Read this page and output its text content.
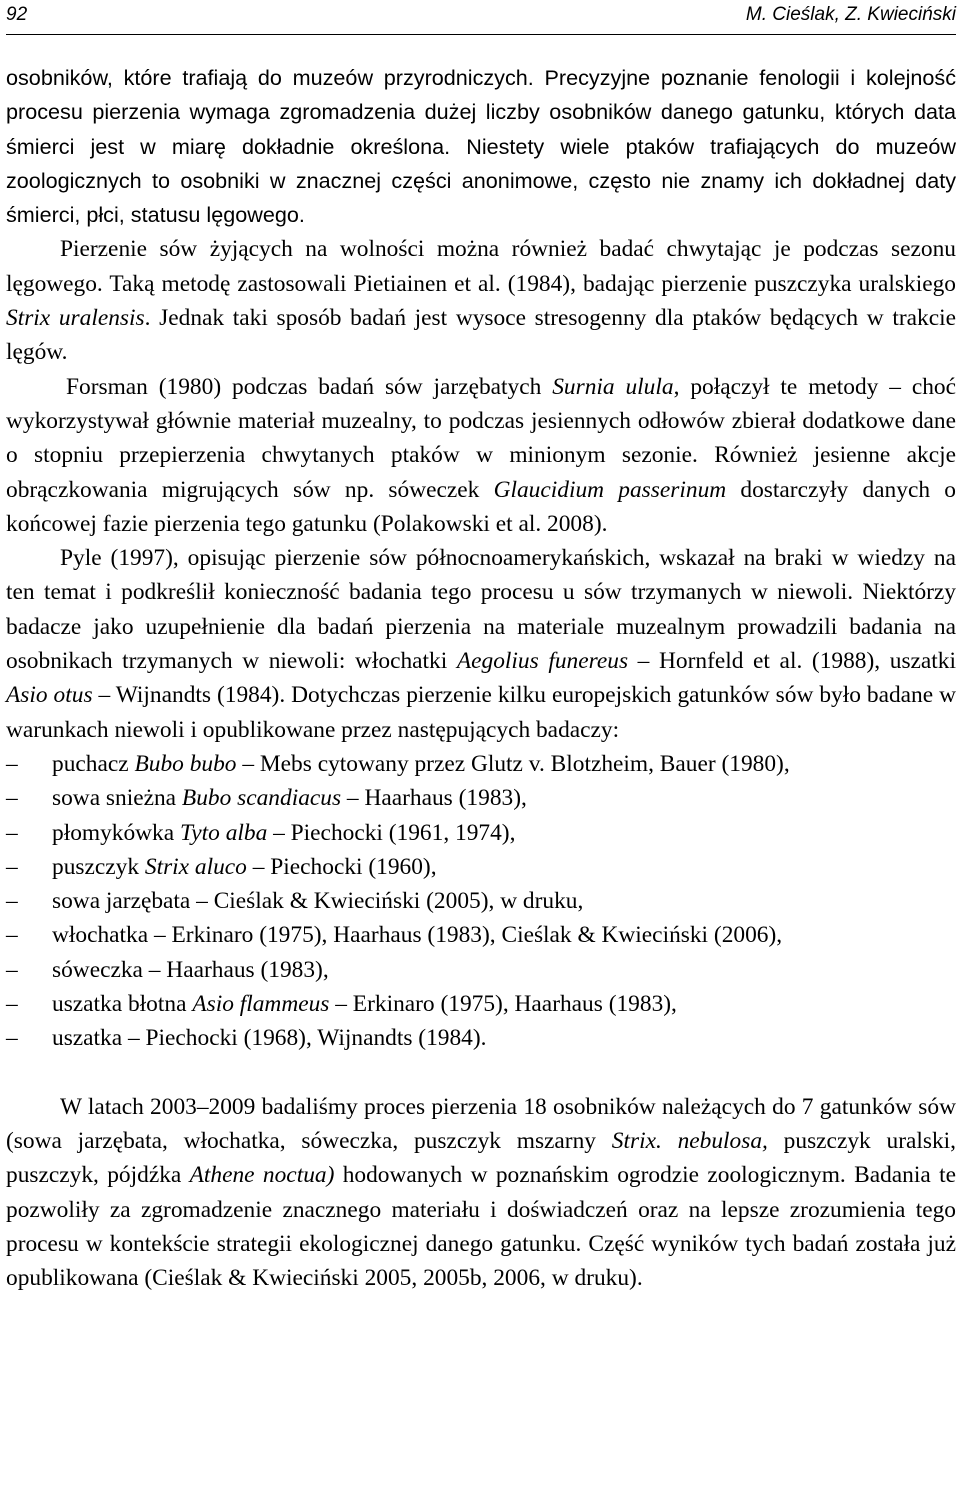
92	M. Cieślak, Z. Kwieciński

osobników, które trafiają do muzeów przyrodniczych. Precyzyjne poznanie fenologii i kolejność procesu pierzenia wymaga zgromadzenia dużej liczby osobników danego gatunku, których data śmierci jest w miarę dokładnie określona. Niestety wiele ptaków trafiających do muzeów zoologicznych to osobniki w znacznej części anonimowe, często nie znamy ich dokładnej daty śmierci, płci, statusu lęgowego.

Pierzenie sów żyjących na wolności można również badać chwytając je podczas sezonu lęgowego. Taką metodę zastosowali Pietiainen et al. (1984), badając pierzenie puszczyka uralskiego Strix uralensis. Jednak taki sposób badań jest wysoce stresogenny dla ptaków będących w trakcie lęgów.

Forsman (1980) podczas badań sów jarzębatych Surnia ulula, połączył te metody – choć wykorzystywał głównie materiał muzealny, to podczas jesiennych odłowów zbierał dodatkowe dane o stopniu przepierzenia chwytanych ptaków w minionym sezonie. Również jesienne akcje obrączkowania migrujących sów np. sóweczek Glaucidium passerinum dostarczyły danych o końcowej fazie pierzenia tego gatunku (Polakowski et al. 2008).

Pyle (1997), opisując pierzenie sów północnoamerykańskich, wskazał na braki w wiedzy na ten temat i podkreślił konieczność badania tego procesu u sów trzymanych w niewoli. Niektórzy badacze jako uzupełnienie dla badań pierzenia na materiale muzealnym prowadzili badania na osobnikach trzymanych w niewoli: włochatki Aegolius funereus – Hornfeld et al. (1988), uszatki Asio otus – Wijnandts (1984). Dotychczas pierzenie kilku europejskich gatunków sów było badane w warunkach niewoli i opublikowane przez następujących badaczy:

– puchacz Bubo bubo – Mebs cytowany przez Glutz v. Blotzheim, Bauer (1980),
– sowa snieżna Bubo scandiacus – Haarhaus (1983),
– płomykówka Tyto alba – Piechocki (1961, 1974),
– puszczyk Strix aluco – Piechocki (1960),
– sowa jarzębata – Cieślak & Kwieciński (2005), w druku,
– włochatka – Erkinaro (1975), Haarhaus (1983), Cieślak & Kwieciński (2006),
– sóweczka – Haarhaus (1983),
– uszatka błotna Asio flammeus – Erkinaro (1975), Haarhaus (1983),
– uszatka – Piechocki (1968), Wijnandts (1984).

W latach 2003–2009 badaliśmy proces pierzenia 18 osobników należących do 7 gatunków sów (sowa jarzębata, włochatka, sóweczka, puszczyk mszarny Strix. nebulosa, puszczyk uralski, puszczyk, pójdźka Athene noctua) hodowanych w poznańskim ogrodzie zoologicznym. Badania te pozwoliły za zgromadzenie znacznego materiału i doświadczeń oraz na lepsze zrozumienia tego procesu w kontekście strategii ekologicznej danego gatunku. Część wyników tych badań została już opublikowana (Cieślak & Kwieciński 2005, 2005b, 2006, w druku).
